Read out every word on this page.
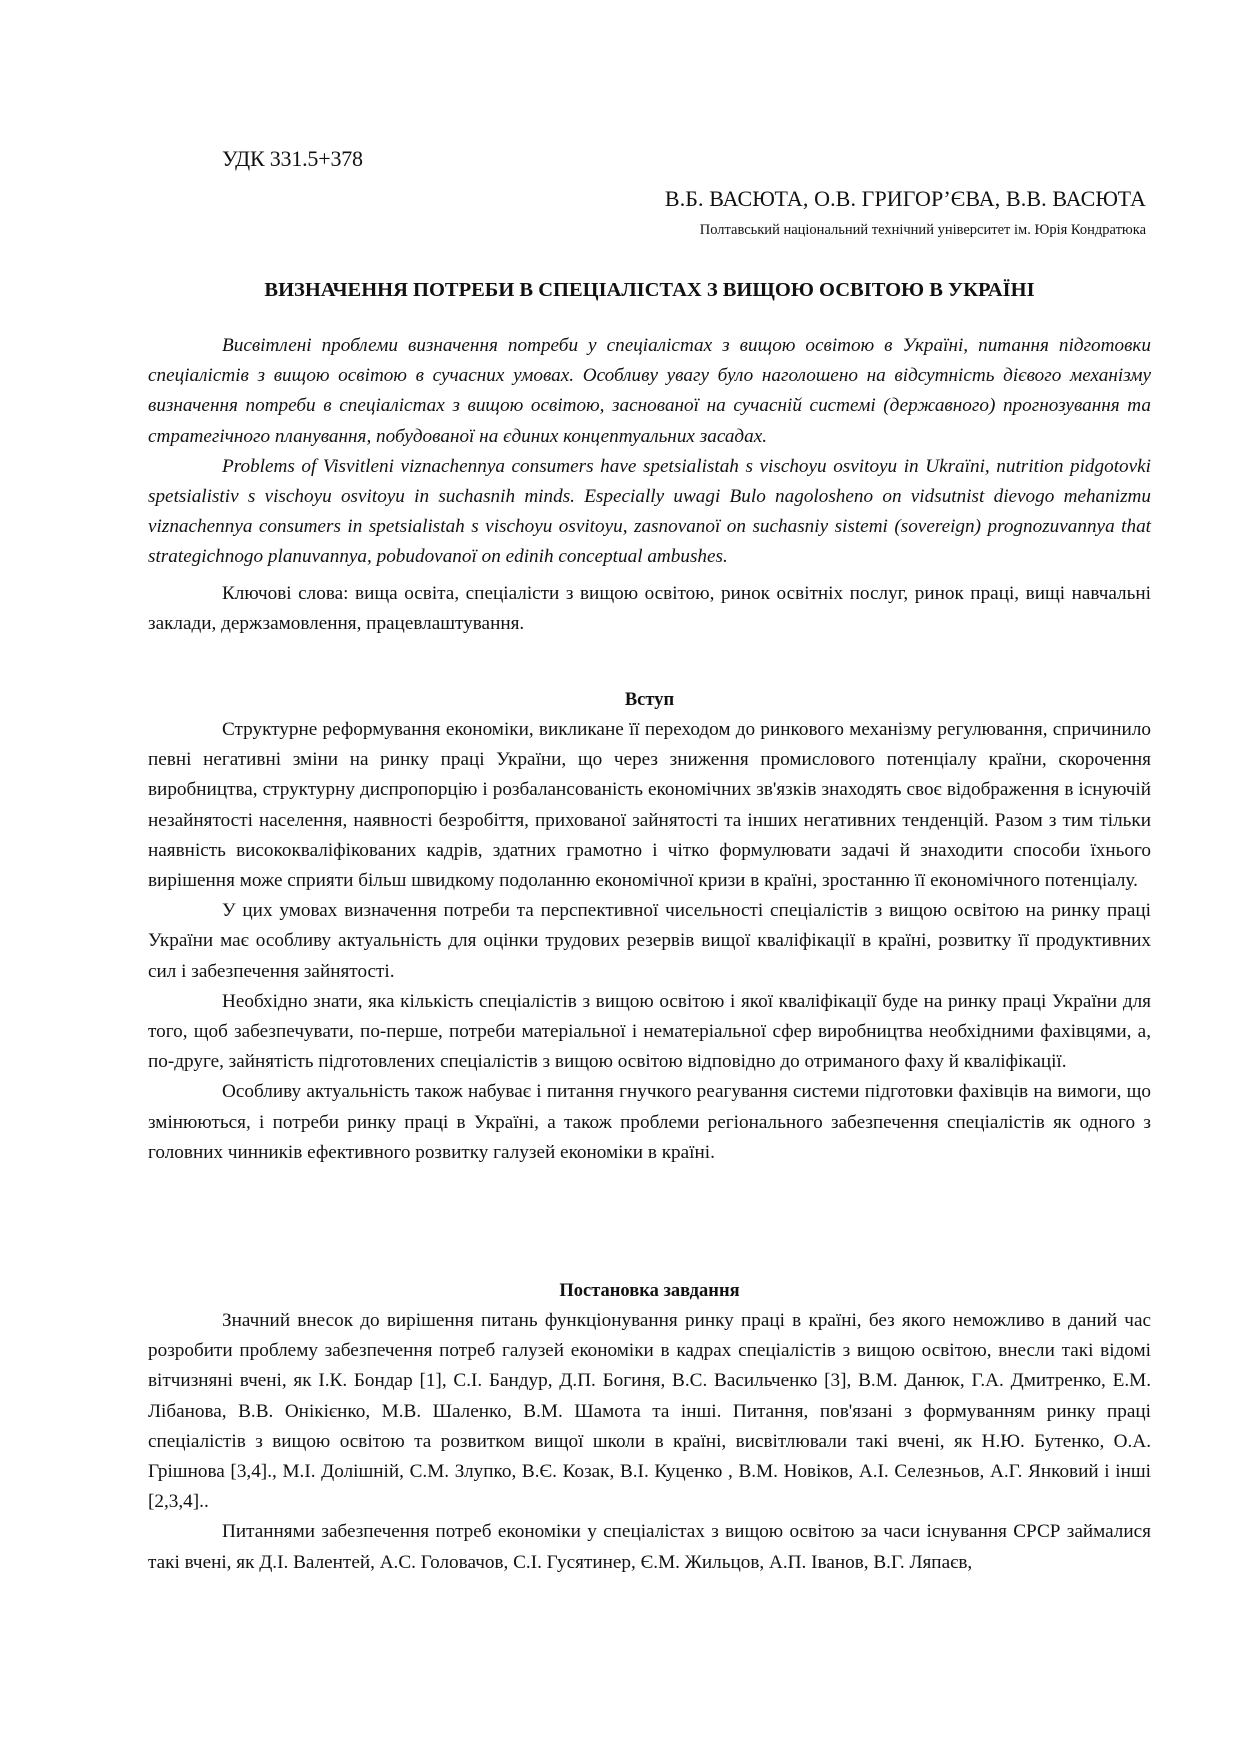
УДК 331.5+378
В.Б. ВАСЮТА, О.В. ГРИГОР’ЄВА, В.В. ВАСЮТА
Полтавський національний технічний університет ім. Юрія Кондратюка
ВИЗНАЧЕННЯ ПОТРЕБИ В СПЕЦІАЛІСТАХ З ВИЩОЮ ОСВІТОЮ В УКРАЇНІ

Висвітлені проблеми визначення потреби у спеціалістах з вищою освітою в Україні, питання підготовки спеціалістів з вищою освітою в сучасних умовах. Особливу увагу було наголошено на відсутність дієвого механізму визначення потреби в спеціалістах з вищою освітою, заснованої на сучасній системі (державного) прогнозування та стратегічного планування, побудованої на єдиних концептуальних засадах.

Problems of Visvitleni viznachennya consumers have spetsialistah s vischoyu osvitoyu in Ukraïni, nutrition pidgotovki spetsialistiv s vischoyu osvitoyu in suchasnih minds. Especially uwagi Bulo nagolosheno on vidsutnist dievogo mehanizmu viznachennya consumers in spetsialistah s vischoyu osvitoyu, zasnovanoï on suchasniy sistemi (sovereign) prognozuvannya that strategichnogo planuvannya, pobudovanoï on edinih conceptual ambushes.

Ключові слова: вища освіта, спеціалісти з вищою освітою, ринок освітніх послуг, ринок праці, вищі навчальні заклади, держзамовлення, працевлаштування.

Вступ

Структурне реформування економіки, викликане її переходом до ринкового механізму регулювання, спричинило певні негативні зміни на ринку праці України, що через зниження промислового потенціалу країни, скорочення виробництва, структурну диспропорцію і розбалансованість економічних зв'язків знаходять своє відображення в існуючій незайнятості населення, наявності безробіття, прихованої зайнятості та інших негативних тенденцій. Разом з тим тільки наявність висококваліфікованих кадрів, здатних грамотно і чітко формулювати задачі й знаходити способи їхнього вирішення може сприяти більш швидкому подоланню економічної кризи в країні, зростанню її економічного потенціалу.

У цих умовах визначення потреби та перспективної чисельності спеціалістів з вищою освітою на ринку праці України має особливу актуальність для оцінки трудових резервів вищої кваліфікації в країні, розвитку її продуктивних сил і забезпечення зайнятості.

Необхідно знати, яка кількість спеціалістів з вищою освітою і якої кваліфікації буде на ринку праці України для того, щоб забезпечувати, по-перше, потреби матеріальної і нематеріальної сфер виробництва необхідними фахівцями, а, по-друге, зайнятість підготовлених спеціалістів з вищою освітою відповідно до отриманого фаху й кваліфікації.

Особливу актуальність також набуває і питання гнучкого реагування системи підготовки фахівців на вимоги, що змінюються, і потреби ринку праці в Україні, а також проблеми регіонального забезпечення спеціалістів як одного з головних чинників ефективного розвитку галузей економіки в країні.

Постановка завдання

Значний внесок до вирішення питань функціонування ринку праці в країні, без якого неможливо в даний час розробити проблему забезпечення потреб галузей економіки в кадрах спеціалістів з вищою освітою, внесли такі відомі вітчизняні вчені, як І.К. Бондар [1], С.І. Бандур, Д.П. Богиня, В.С. Васильченко [3], В.М. Данюк, Г.А. Дмитренко, Е.М. Лібанова, В.В. Онікієнко, М.В. Шаленко, В.М. Шамота та інші. Питання, пов'язані з формуванням ринку праці спеціалістів з вищою освітою та розвитком вищої школи в країні, висвітлювали такі вчені, як Н.Ю. Бутенко, О.А. Грішнова [3,4]., М.І. Долішній, С.М. Злупко, В.Є. Козак, В.І. Куценко , В.М. Новіков, А.І. Селезньов, А.Г. Янковий і інші [2,3,4]..

Питаннями забезпечення потреб економіки у спеціалістах з вищою освітою за часи існування СРСР займалися такі вчені, як Д.І. Валентей, А.С. Головачов, С.І. Гусятинер, Є.М. Жильцов, А.П. Іванов, В.Г. Ляпаєв,
